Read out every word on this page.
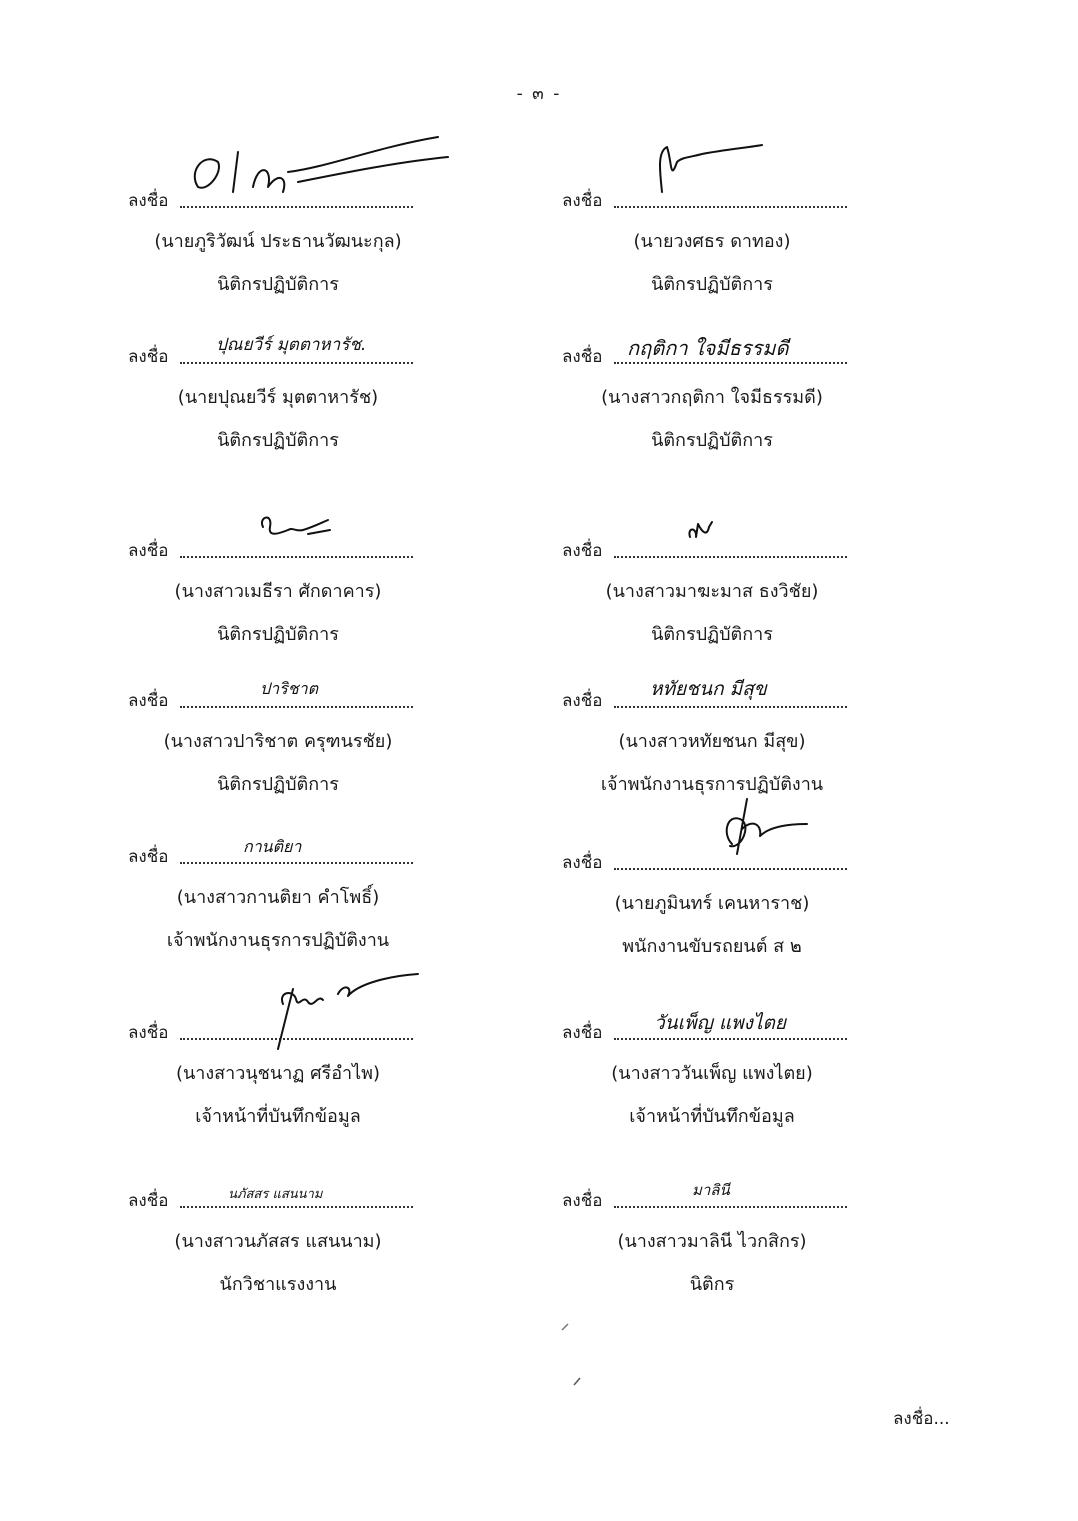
- ๓ -
ลงชื่อ
(นายภูริวัฒน์ ประธานวัฒนะกุล)
นิติกรปฏิบัติการ
ลงชื่อ
(นายวงศธร ดาทอง)
นิติกรปฏิบัติการ
ลงชื่อ
ปุณยวีร์ มุตตาหารัช.
(นายปุณยวีร์ มุตตาหารัช)
นิติกรปฏิบัติการ
ลงชื่อ กฤติกา ใจมีธรรมดี
(นางสาวกฤติกา ใจมีธรรมดี)
นิติกรปฏิบัติการ
ลงชื่อ
(นางสาวเมธีรา ศักดาคาร)
นิติกรปฏิบัติการ
ลงชื่อ
(นางสาวมาฆะมาส ธงวิชัย)
นิติกรปฏิบัติการ
ลงชื่อ
ปาริชาต
(นางสาวปาริชาต ครุฑนรชัย)
นิติกรปฏิบัติการ
ลงชื่อ
หทัยชนก มีสุข
(นางสาวหทัยชนก มีสุข)
เจ้าพนักงานธุรการปฏิบัติงาน
ลงชื่อ
กานติยา
(นางสาวกานติยา คำโพธิ์)
เจ้าพนักงานธุรการปฏิบัติงาน
ลงชื่อ
(นายภูมินทร์ เคนหาราช)
พนักงานขับรถยนต์ ส ๒
ลงชื่อ
(นางสาวนุชนาฏ ศรีอำไพ)
เจ้าหน้าที่บันทึกข้อมูล
ลงชื่อ	วันเพ็ญ แพงไตย
(นางสาววันเพ็ญ แพงไตย)
เจ้าหน้าที่บันทึกข้อมูล
ลงชื่อ	นภัสสร แสนนาม
(นางสาวนภัสสร แสนนาม)
นักวิชาแรงงาน
ลงชื่อ
มาลินี
(นางสาวมาลินี ไวกสิกร)
นิติกร
ลงชื่อ...
